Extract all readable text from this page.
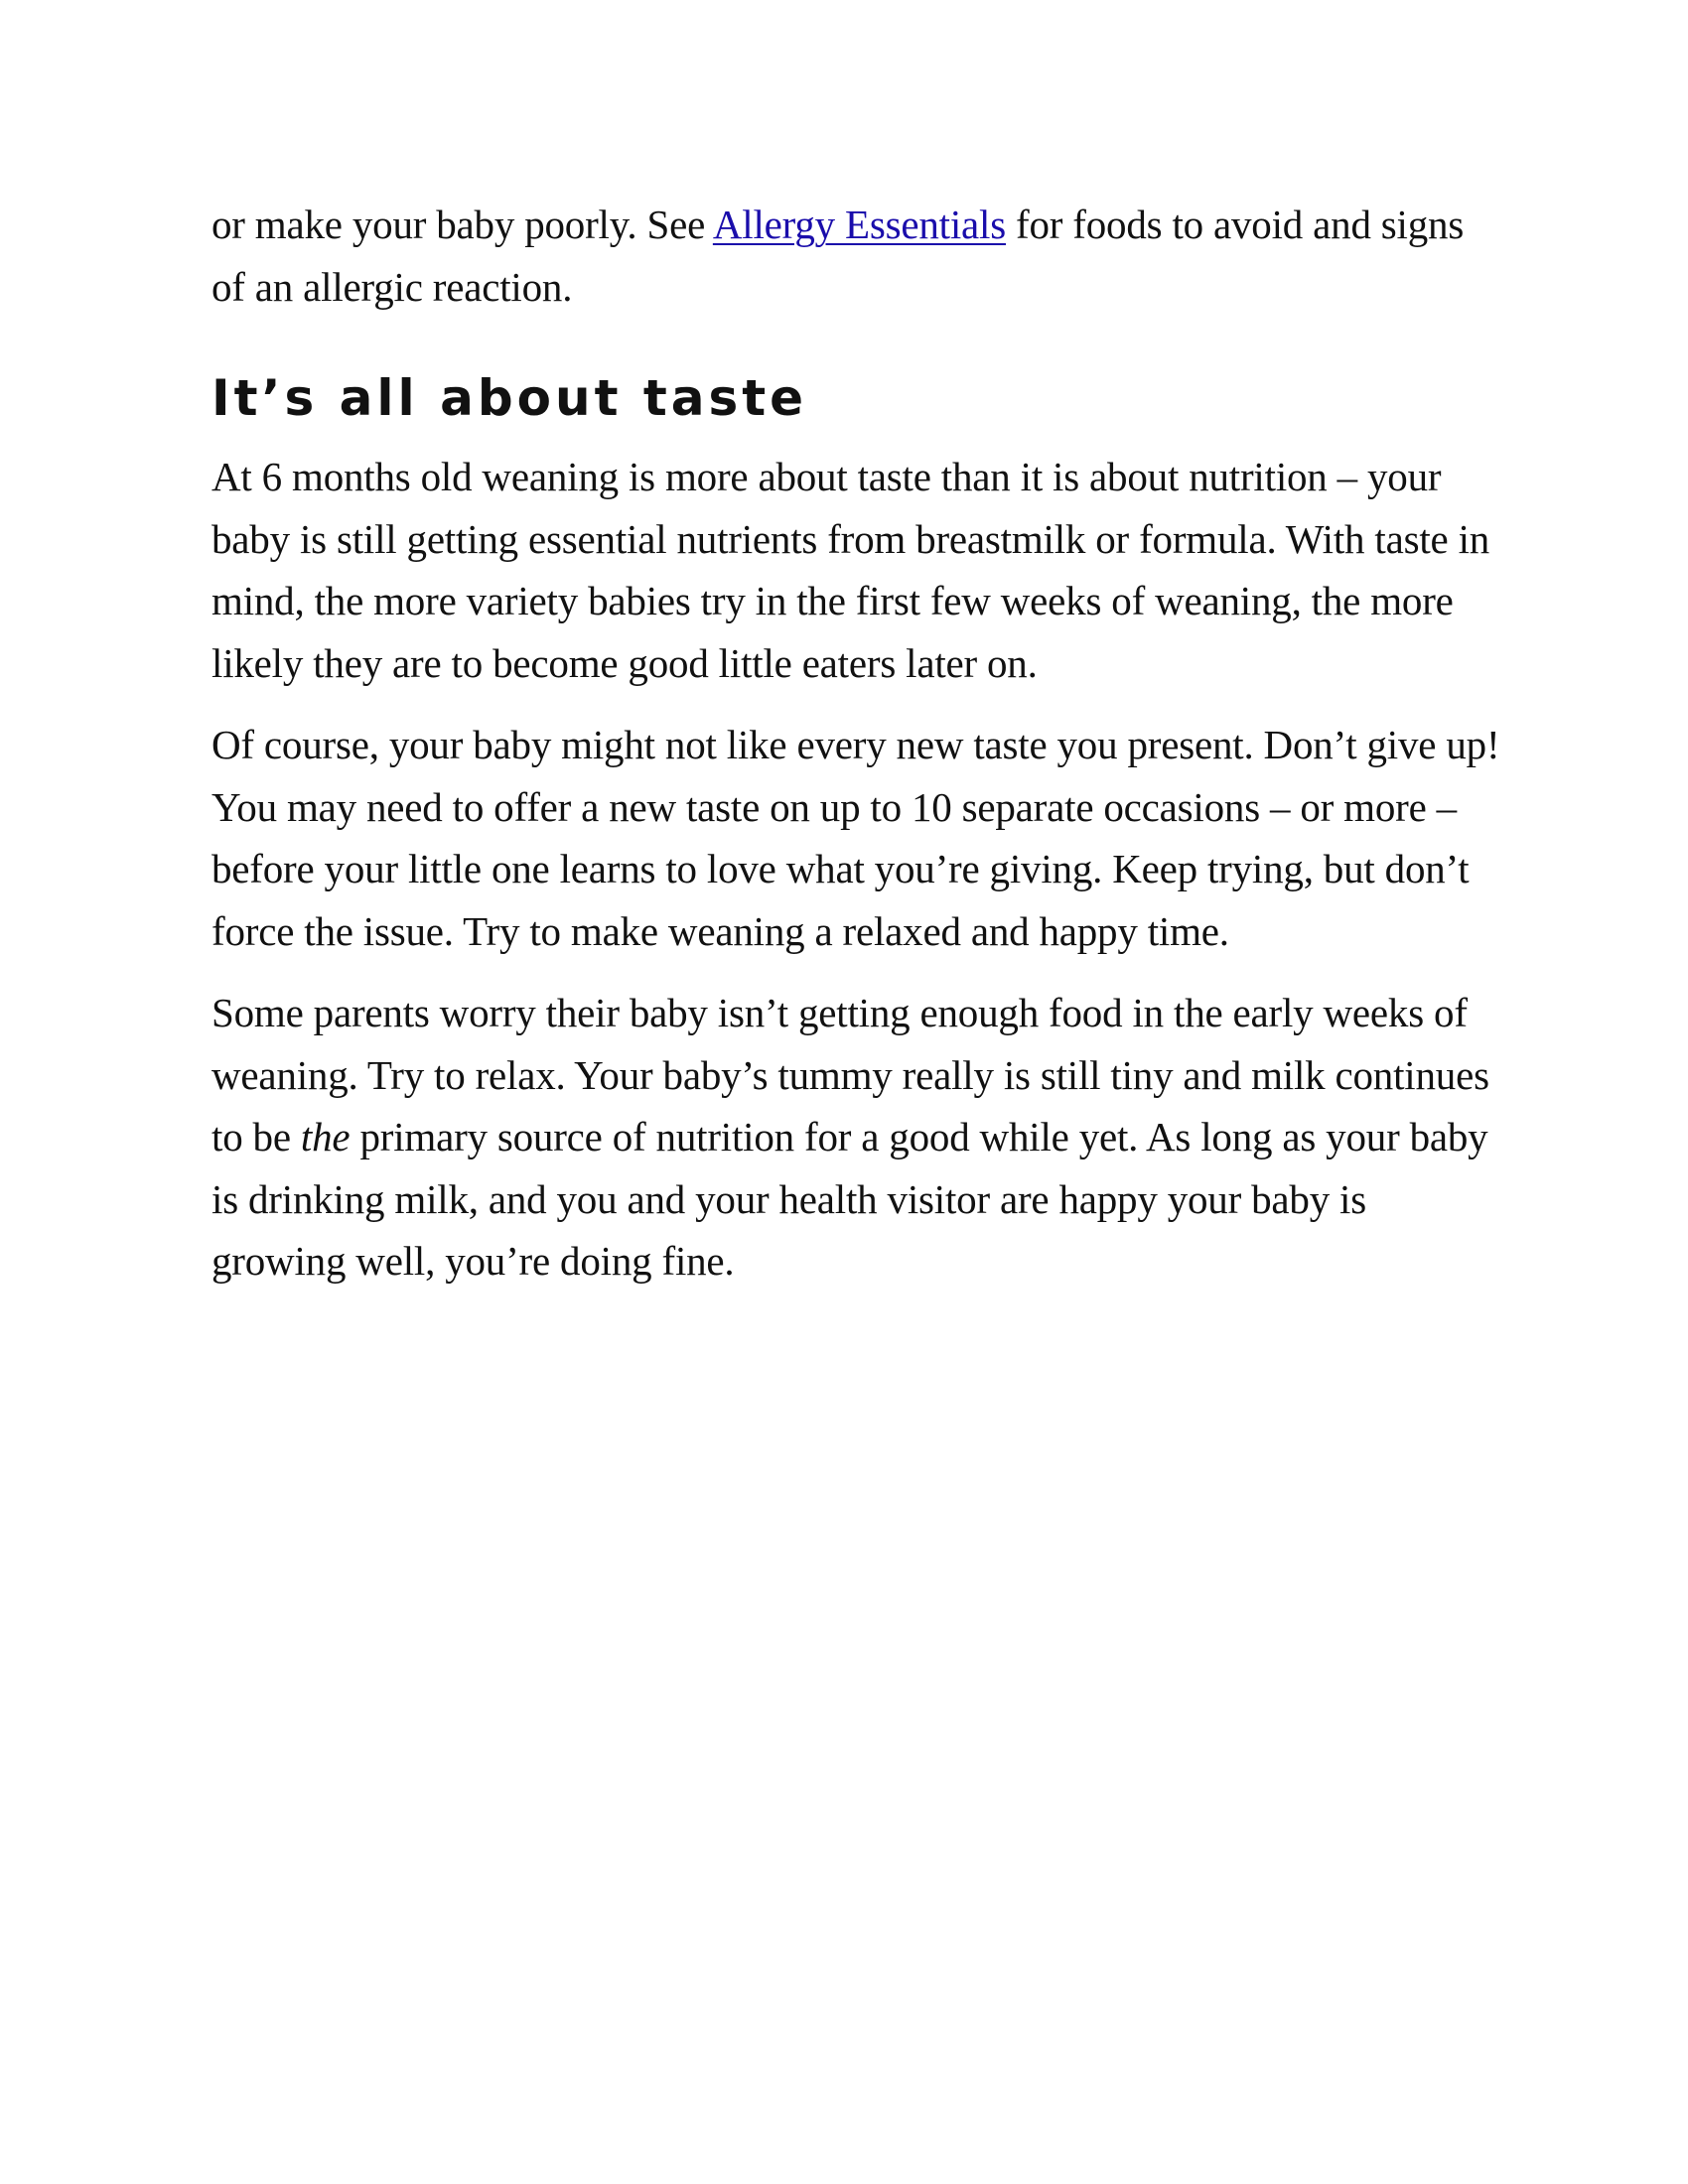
or make your baby poorly. See Allergy Essentials for foods to avoid and signs of an allergic reaction.

It’s all about taste

At 6 months old weaning is more about taste than it is about nutrition – your baby is still getting essential nutrients from breastmilk or formula. With taste in mind, the more variety babies try in the first few weeks of weaning, the more likely they are to become good little eaters later on.

Of course, your baby might not like every new taste you present. Don’t give up! You may need to offer a new taste on up to 10 separate occasions – or more – before your little one learns to love what you’re giving. Keep trying, but don’t force the issue. Try to make weaning a relaxed and happy time.

Some parents worry their baby isn’t getting enough food in the early weeks of weaning. Try to relax. Your baby’s tummy really is still tiny and milk continues to be the primary source of nutrition for a good while yet. As long as your baby is drinking milk, and you and your health visitor are happy your baby is growing well, you’re doing fine.
